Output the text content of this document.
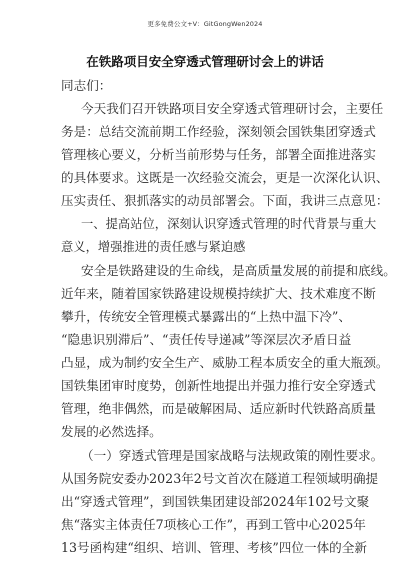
更多免费公文+V：GitGongWen2024
在铁路项目安全穿透式管理研讨会上的讲话
同志们：
今天我们召开铁路项目安全穿透式管理研讨会，主要任
务是：总结交流前期工作经验，深刻领会国铁集团穿透式
管理核心要义，分析当前形势与任务，部署全面推进落实
的具体要求。这既是一次经验交流会，更是一次深化认识、
压实责任、狠抓落实的动员部署会。下面，我讲三点意见：
一、提高站位，深刻认识穿透式管理的时代背景与重大
意义，增强推进的责任感与紧迫感
安全是铁路建设的生命线，是高质量发展的前提和底线。
近年来，随着国家铁路建设规模持续扩大、技术难度不断
攀升，传统安全管理模式暴露出的“上热中温下冷”、
“隐患识别滞后”、“责任传导递减”等深层次矛盾日益
凸显，成为制约安全生产、威胁工程本质安全的重大瓶颈。
国铁集团审时度势，创新性地提出并强力推行安全穿透式
管理，绝非偶然，而是破解困局、适应新时代铁路高质量
发展的必然选择。
（一）穿透式管理是国家战略与法规政策的刚性要求。
从国务院安委办2023年2号文首次在隧道工程领域明确提
出“穿透式管理”，到国铁集团建设部2024年102号文聚
焦“落实主体责任7项核心工作”，再到工管中心2025年
13号函构建“组织、培训、管理、考核”四位一体的全新
